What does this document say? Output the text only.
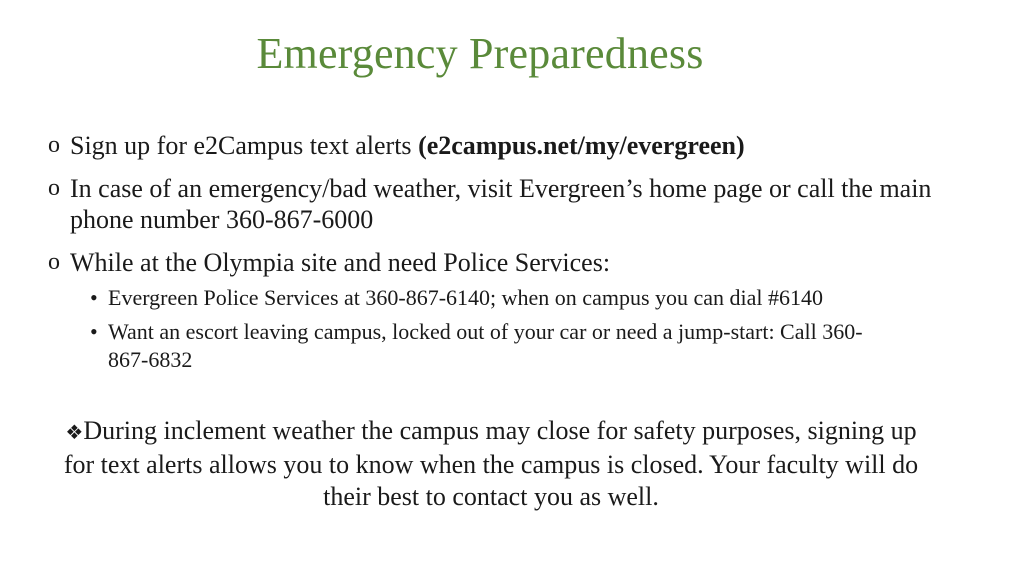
Emergency Preparedness
o Sign up for e2Campus text alerts (e2campus.net/my/evergreen)
o In case of an emergency/bad weather, visit Evergreen’s home page or call the main phone number 360-867-6000
o While at the Olympia site and need Police Services:
• Evergreen Police Services at 360-867-6140; when on campus you can dial #6140
• Want an escort leaving campus, locked out of your car or need a jump-start: Call 360-867-6832
❖During inclement weather the campus may close for safety purposes, signing up for text alerts allows you to know when the campus is closed. Your faculty will do their best to contact you as well.
